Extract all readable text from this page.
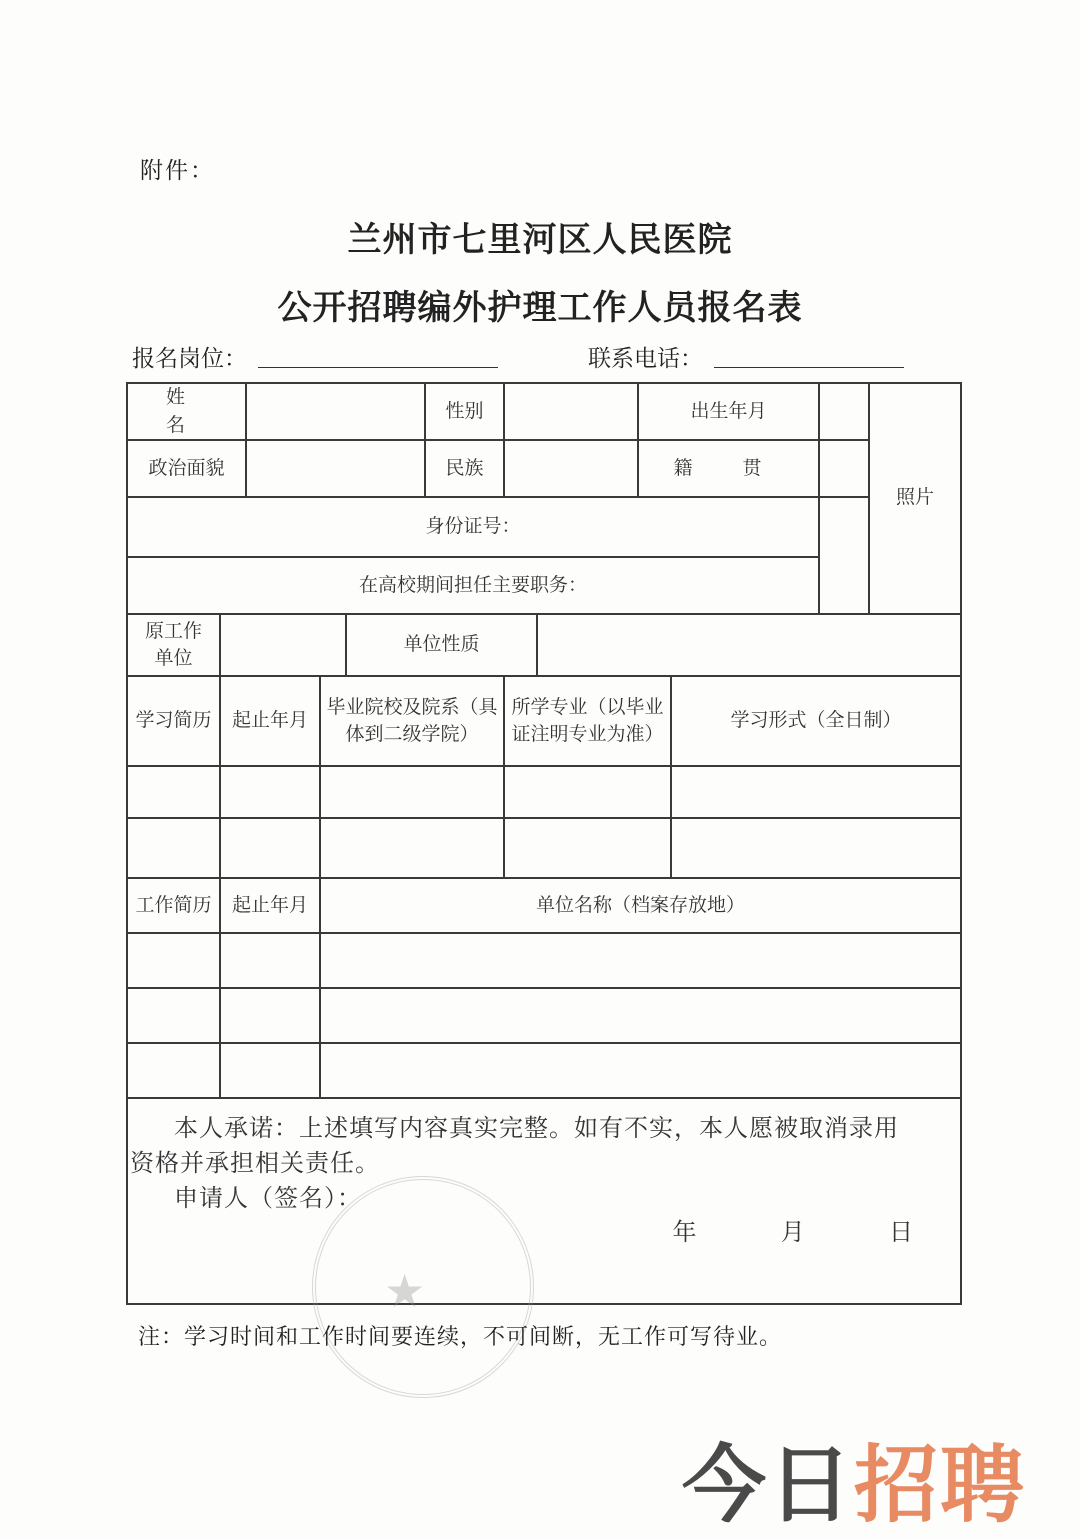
附件：
兰州市七里河区人民医院
公开招聘编外护理工作人员报名表
报名岗位：	联系电话：
姓 名					性别			出生年月			照片
政治面貌					民族			籍 贯			
身份证号：											
在高校期间担任主要职务：											
原工作
单位				单位性质							
学习简历	起止年月		毕业院校及院系（具体到二级学院）			所学专业（以毕业证注明专业为准）			学习形式（全日制）		

工作简历	起止年月		单位名称（档案存放地）								

本人承诺：上述填写内容真实完整。如有不实，本人愿被取消录用
资格并承担相关责任。
申请人（签名）：
年 月 日											
★
注：学习时间和工作时间要连续，不可间断，无工作可写待业。
今日招聘
